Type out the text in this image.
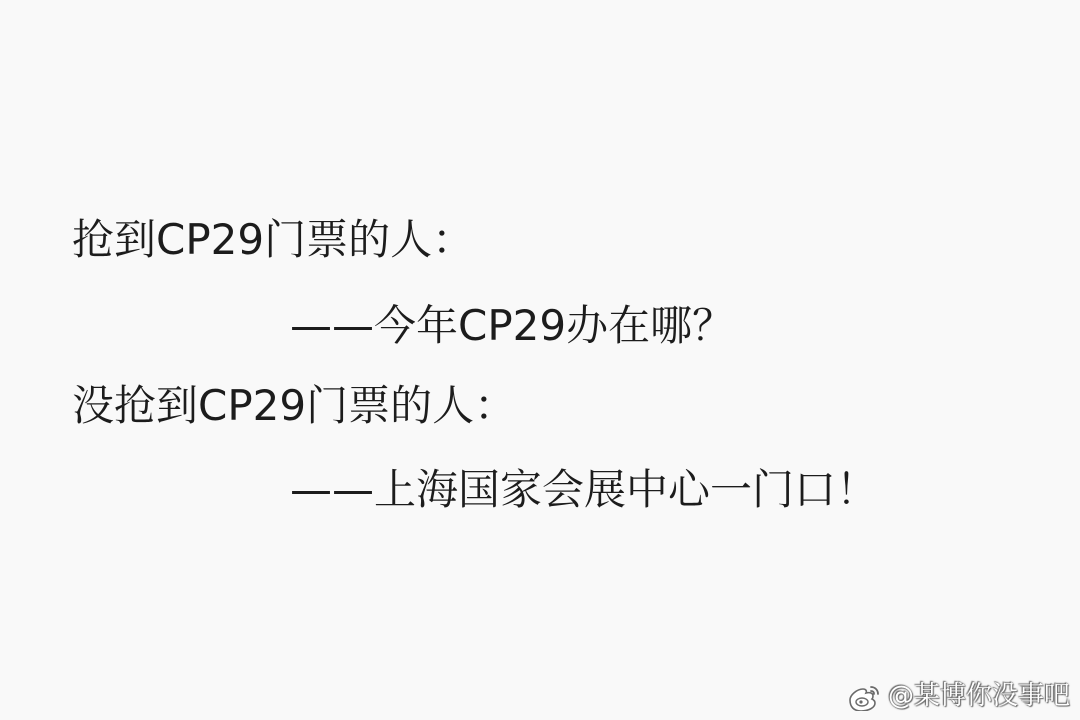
抢到CP29门票的人：
——今年CP29办在哪？
没抢到CP29门票的人：
——上海国家会展中心一门口！
@某博你没事吧
